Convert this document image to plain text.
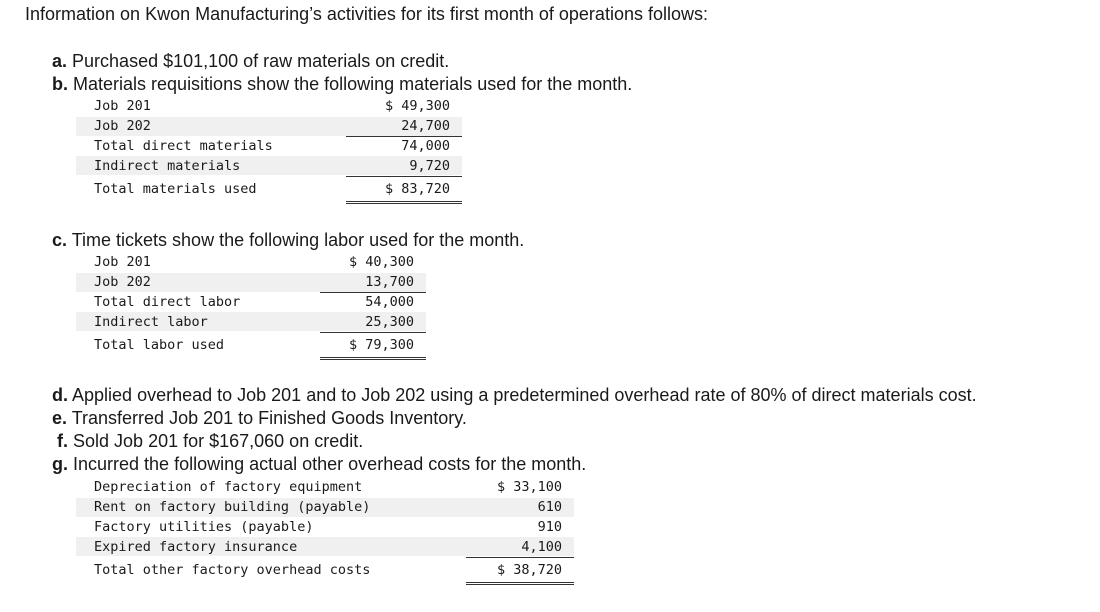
Information on Kwon Manufacturing’s activities for its first month of operations follows:
a. Purchased $101,100 of raw materials on credit.
b. Materials requisitions show the following materials used for the month.
Job 201	$ 49,300
Job 202	24,700
Total direct materials	74,000
Indirect materials	9,720
Total materials used	$ 83,720
c. Time tickets show the following labor used for the month.
Job 201	$ 40,300
Job 202	13,700
Total direct labor	54,000
Indirect labor	25,300
Total labor used	$ 79,300
d. Applied overhead to Job 201 and to Job 202 using a predetermined overhead rate of 80% of direct materials cost.
e. Transferred Job 201 to Finished Goods Inventory.
f. Sold Job 201 for $167,060 on credit.
g. Incurred the following actual other overhead costs for the month.
Depreciation of factory equipment	$ 33,100
Rent on factory building (payable)	610
Factory utilities (payable)	910
Expired factory insurance	4,100
Total other factory overhead costs	$ 38,720
